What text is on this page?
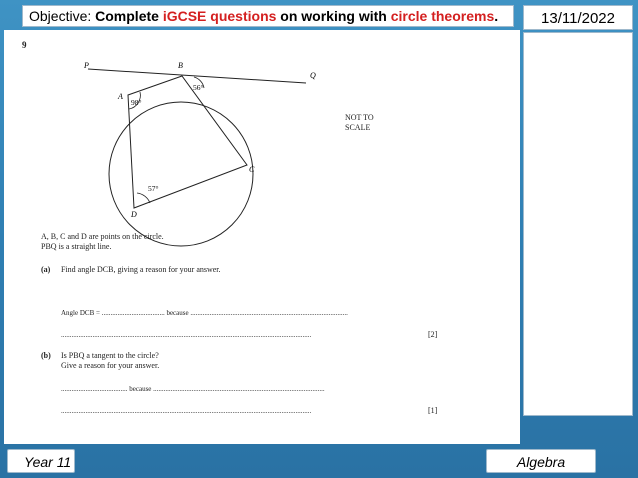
Objective: Complete iGCSE questions on working with circle theorems.	13/11/2022
9
P	B
Q
A
C
D
56°
98°
57°
NOT TO
SCALE
A, B, C and D are points on the circle.
PBQ is a straight line.
(a) Find angle DCB, giving a reason for your answer.
Angle DCB = .................................... because ..........................................................................................
...............................................................................................................................................	[2]
(b) Is PBQ a tangent to the circle?
Give a reason for your answer.
...................................... because ..................................................................................................
...............................................................................................................................................	[1]
Year 11	Algebra
